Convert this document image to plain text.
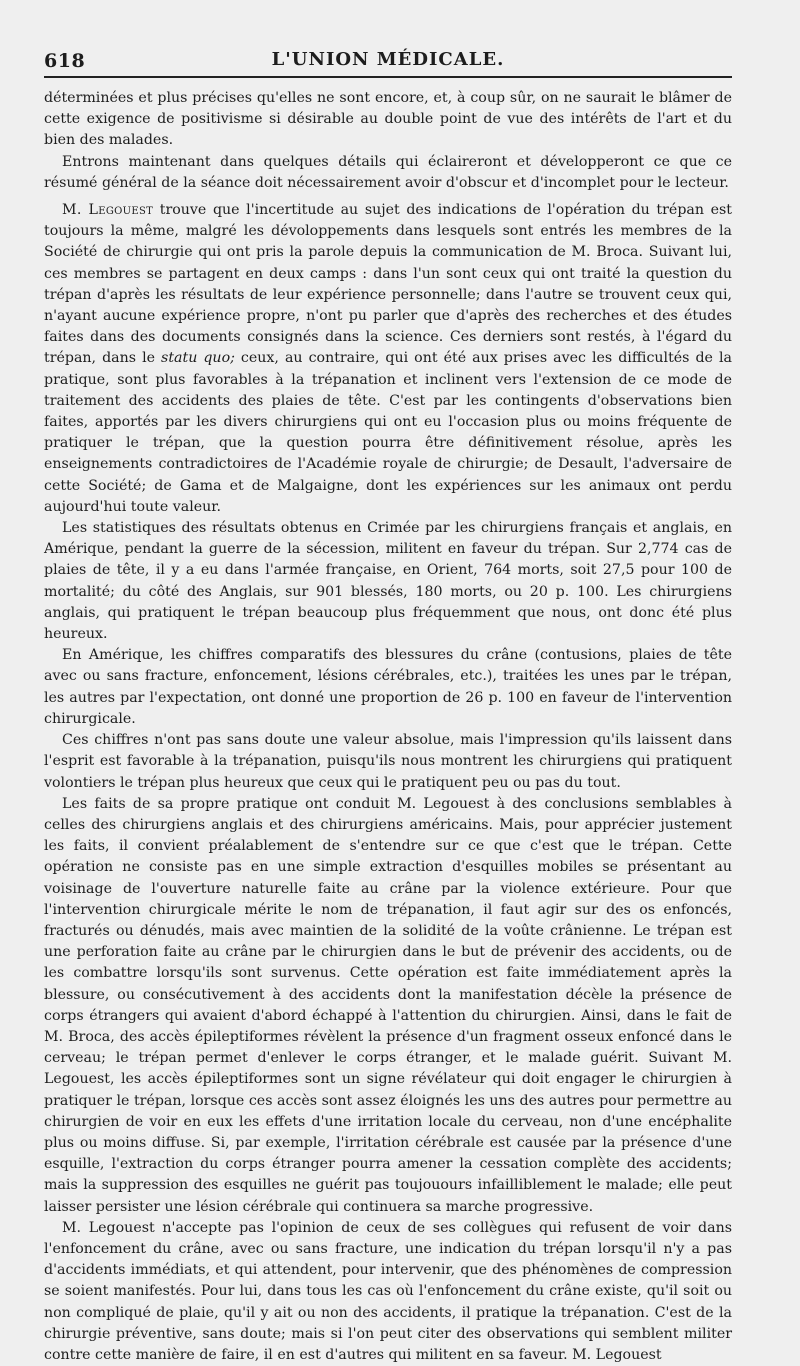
618	L'UNION MÉDICALE.

déterminées et plus précises qu'elles ne sont encore, et, à coup sûr, on ne saurait le blâmer de cette exigence de positivisme si désirable au double point de vue des intérêts de l'art et du bien des malades.

Entrons maintenant dans quelques détails qui éclaireront et développeront ce que ce résumé général de la séance doit nécessairement avoir d'obscur et d'incomplet pour le lecteur.

M. Legouest trouve que l'incertitude au sujet des indications de l'opération du trépan est toujours la même, malgré les dévoloppements dans lesquels sont entrés les membres de la Société de chirurgie qui ont pris la parole depuis la communication de M. Broca. Suivant lui, ces membres se partagent en deux camps : dans l'un sont ceux qui ont traité la question du trépan d'après les résultats de leur expérience personnelle; dans l'autre se trouvent ceux qui, n'ayant aucune expérience propre, n'ont pu parler que d'après des recherches et des études faites dans des documents consignés dans la science. Ces derniers sont restés, à l'égard du trépan, dans le statu quo; ceux, au contraire, qui ont été aux prises avec les difficultés de la pratique, sont plus favorables à la trépanation et inclinent vers l'extension de ce mode de traitement des accidents des plaies de tête. C'est par les contingents d'observations bien faites, apportés par les divers chirurgiens qui ont eu l'occasion plus ou moins fréquente de pratiquer le trépan, que la question pourra être définitivement résolue, après les enseignements contradictoires de l'Académie royale de chirurgie; de Desault, l'adversaire de cette Société; de Gama et de Malgaigne, dont les expériences sur les animaux ont perdu aujourd'hui toute valeur.

Les statistiques des résultats obtenus en Crimée par les chirurgiens français et anglais, en Amérique, pendant la guerre de la sécession, militent en faveur du trépan. Sur 2,774 cas de plaies de tête, il y a eu dans l'armée française, en Orient, 764 morts, soit 27,5 pour 100 de mortalité; du côté des Anglais, sur 901 blessés, 180 morts, ou 20 p. 100. Les chirurgiens anglais, qui pratiquent le trépan beaucoup plus fréquemment que nous, ont donc été plus heureux.

En Amérique, les chiffres comparatifs des blessures du crâne (contusions, plaies de tête avec ou sans fracture, enfoncement, lésions cérébrales, etc.), traitées les unes par le trépan, les autres par l'expectation, ont donné une proportion de 26 p. 100 en faveur de l'intervention chirurgicale.

Ces chiffres n'ont pas sans doute une valeur absolue, mais l'impression qu'ils laissent dans l'esprit est favorable à la trépanation, puisqu'ils nous montrent les chirurgiens qui pratiquent volontiers le trépan plus heureux que ceux qui le pratiquent peu ou pas du tout.

Les faits de sa propre pratique ont conduit M. Legouest à des conclusions semblables à celles des chirurgiens anglais et des chirurgiens américains. Mais, pour apprécier justement les faits, il convient préalablement de s'entendre sur ce que c'est que le trépan. Cette opération ne consiste pas en une simple extraction d'esquilles mobiles se présentant au voisinage de l'ouverture naturelle faite au crâne par la violence extérieure. Pour que l'intervention chirurgicale mérite le nom de trépanation, il faut agir sur des os enfoncés, fracturés ou dénudés, mais avec maintien de la solidité de la voûte crânienne. Le trépan est une perforation faite au crâne par le chirurgien dans le but de prévenir des accidents, ou de les combattre lorsqu'ils sont survenus. Cette opération est faite immédiatement après la blessure, ou consécutivement à des accidents dont la manifestation décèle la présence de corps étrangers qui avaient d'abord échappé à l'attention du chirurgien. Ainsi, dans le fait de M. Broca, des accès épileptiformes révèlent la présence d'un fragment osseux enfoncé dans le cerveau; le trépan permet d'enlever le corps étranger, et le malade guérit. Suivant M. Legouest, les accès épileptiformes sont un signe révélateur qui doit engager le chirurgien à pratiquer le trépan, lorsque ces accès sont assez éloignés les uns des autres pour permettre au chirurgien de voir en eux les effets d'une irritation locale du cerveau, non d'une encéphalite plus ou moins diffuse. Si, par exemple, l'irritation cérébrale est causée par la présence d'une esquille, l'extraction du corps étranger pourra amener la cessation complète des accidents; mais la suppression des esquilles ne guérit pas toujouours infailliblement le malade; elle peut laisser persister une lésion cérébrale qui continuera sa marche progressive.

M. Legouest n'accepte pas l'opinion de ceux de ses collègues qui refusent de voir dans l'enfoncement du crâne, avec ou sans fracture, une indication du trépan lorsqu'il n'y a pas d'accidents immédiats, et qui attendent, pour intervenir, que des phénomènes de compression se soient manifestés. Pour lui, dans tous les cas où l'enfoncement du crâne existe, qu'il soit ou non compliqué de plaie, qu'il y ait ou non des accidents, il pratique la trépanation. C'est de la chirurgie préventive, sans doute; mais si l'on peut citer des observations qui semblent militer contre cette manière de faire, il en est d'autres qui militent en sa faveur. M. Legouest
